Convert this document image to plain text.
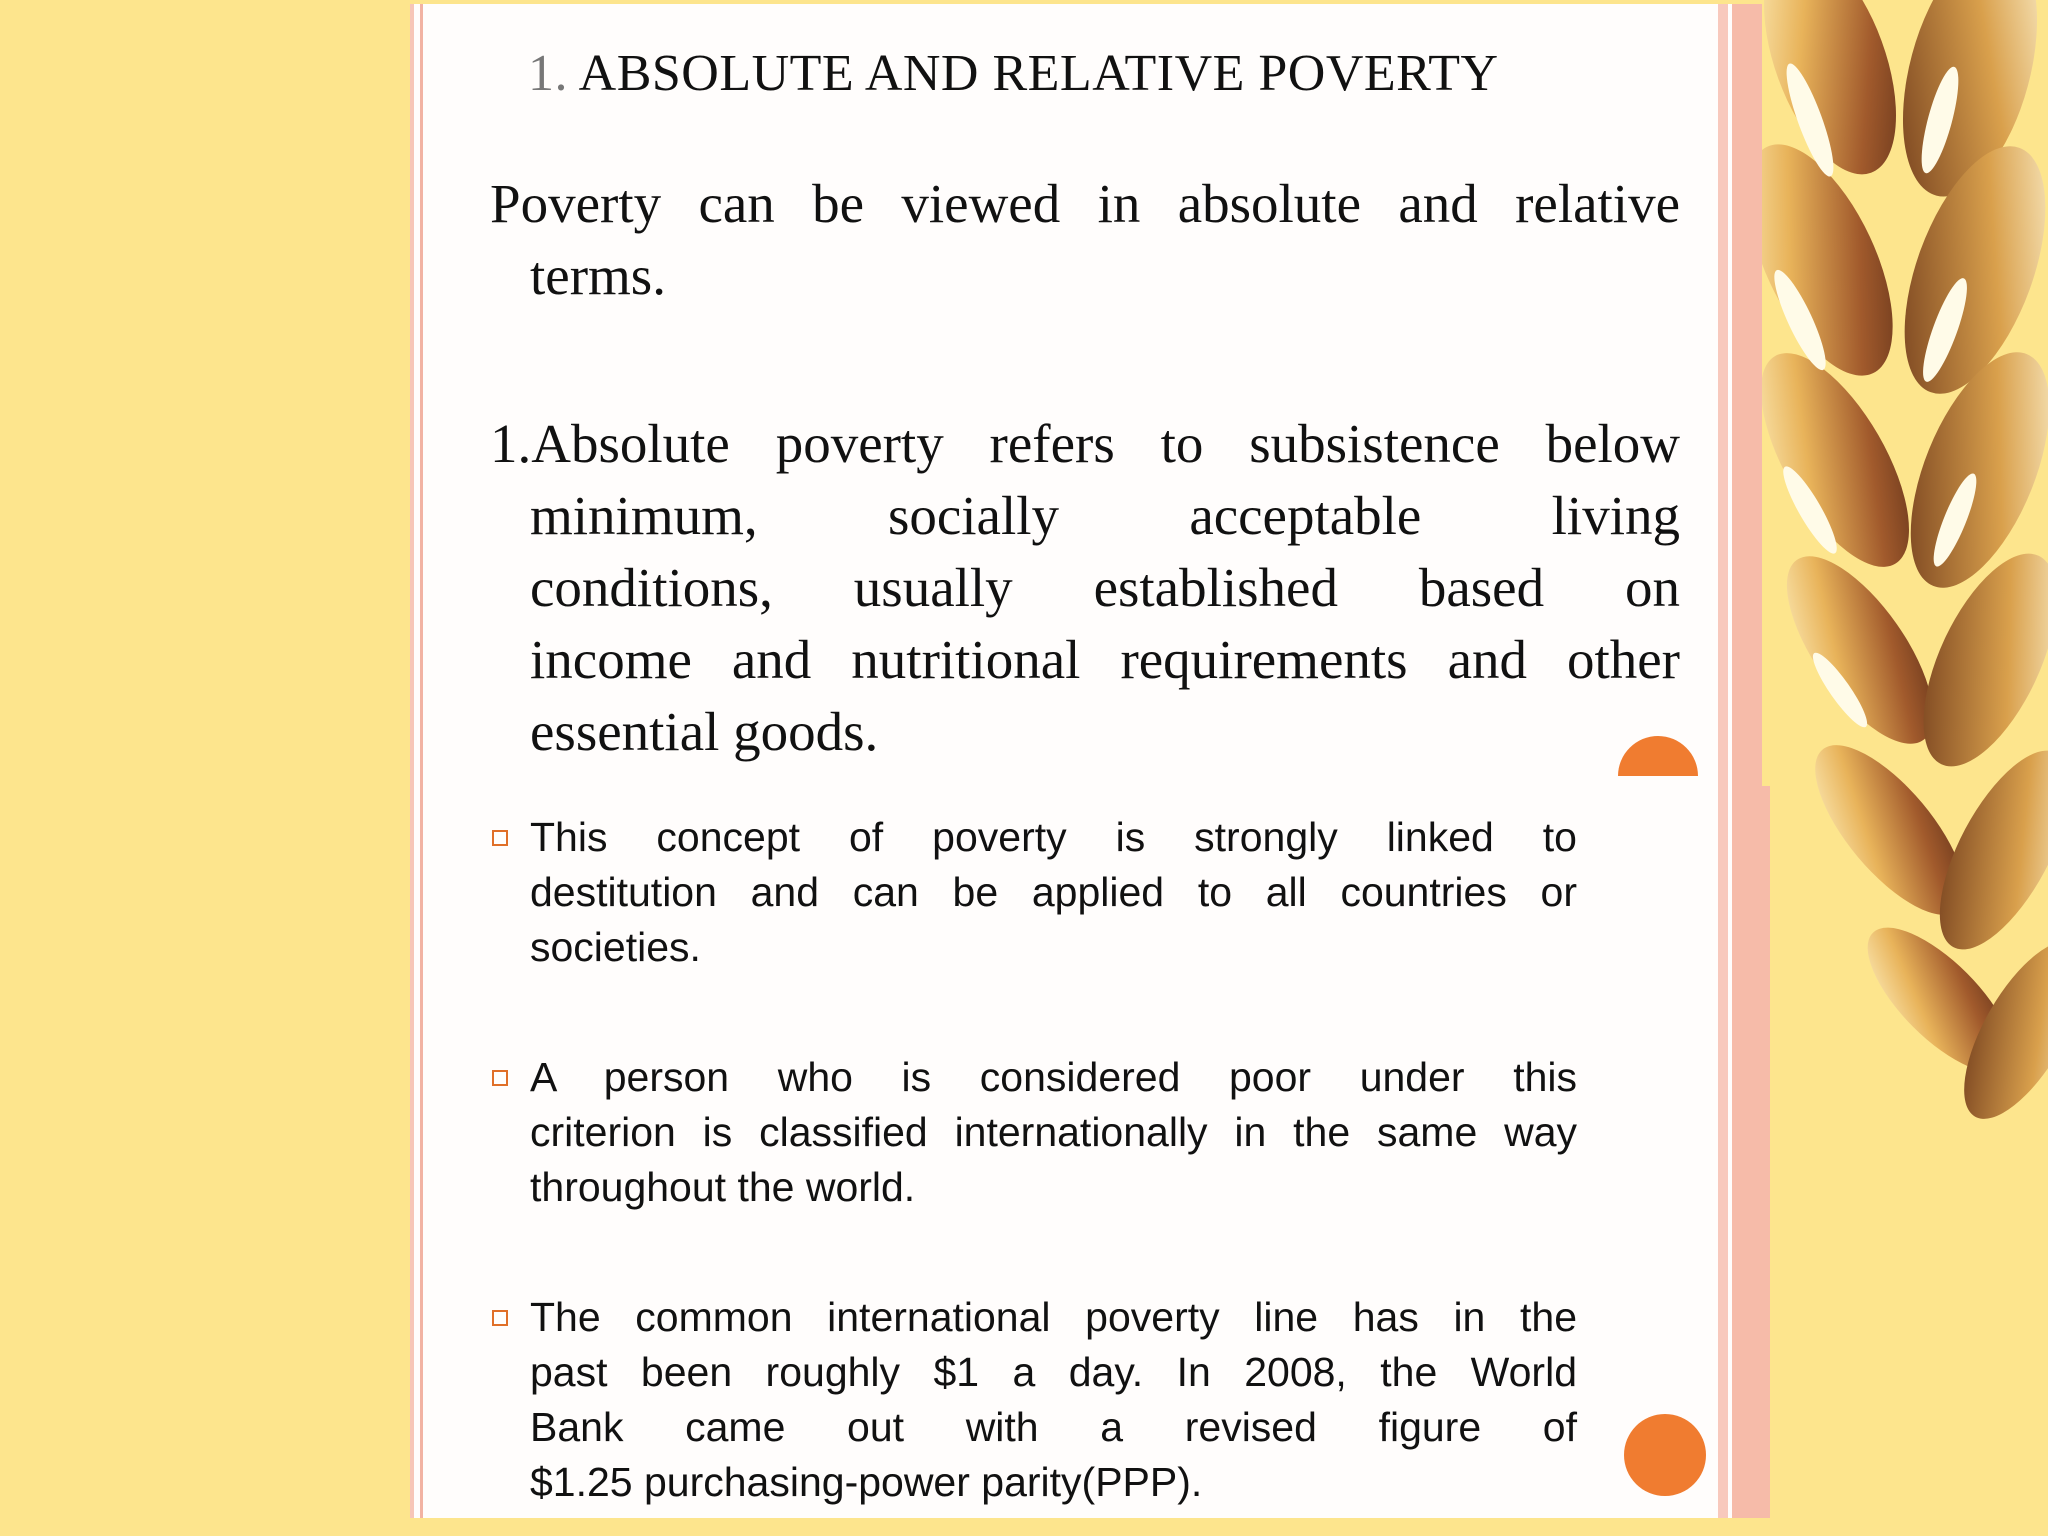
1. ABSOLUTE AND RELATIVE POVERTY
Poverty can be viewed in absolute and relative
terms.
1.Absolute poverty refers to subsistence below
minimum, socially acceptable living
conditions, usually established based on
income and nutritional requirements and other
essential goods.
This concept of poverty is strongly linked to
destitution and can be applied to all countries or
societies.
A person who is considered poor under this
criterion is classified internationally in the same way
throughout the world.
The common international poverty line has in the
past been roughly $1 a day. In 2008, the World
Bank came out with a revised figure of
$1.25 purchasing-power parity(PPP).
